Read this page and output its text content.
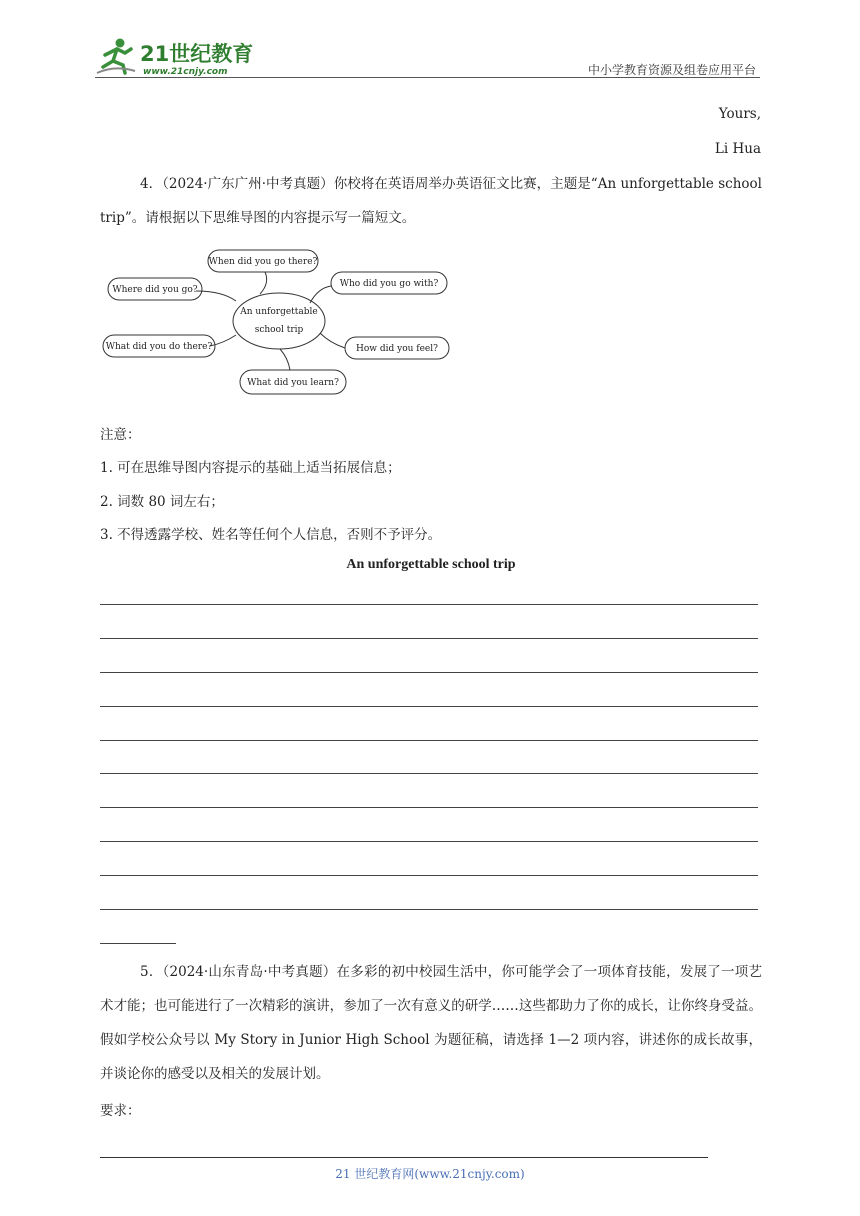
21世纪教育
www.21cnjy.com	中小学教育资源及组卷应用平台
Yours,
Li Hua

4．（2024·广东广州·中考真题）你校将在英语周举办英语征文比赛，主题是“An unforgettable school trip”。请根据以下思维导图的内容提示写一篇短文。

An unforgettable
school trip
When did you go there?
Who did you go with?
Where did you go?
What did you do there?	How did you feel?
What did you learn?
注意：
1. 可在思维导图内容提示的基础上适当拓展信息；
2. 词数 80 词左右；
3. 不得透露学校、姓名等任何个人信息，否则不予评分。
An unforgettable school trip

5．（2024·山东青岛·中考真题）在多彩的初中校园生活中，你可能学会了一项体育技能，发展了一项艺术才能；也可能进行了一次精彩的演讲，参加了一次有意义的研学……这些都助力了你的成长，让你终身受益。假如学校公众号以 My Story in Junior High School 为题征稿，请选择 1—2 项内容，讲述你的成长故事，并谈论你的感受以及相关的发展计划。

要求：
21 世纪教育网(www.21cnjy.com)
